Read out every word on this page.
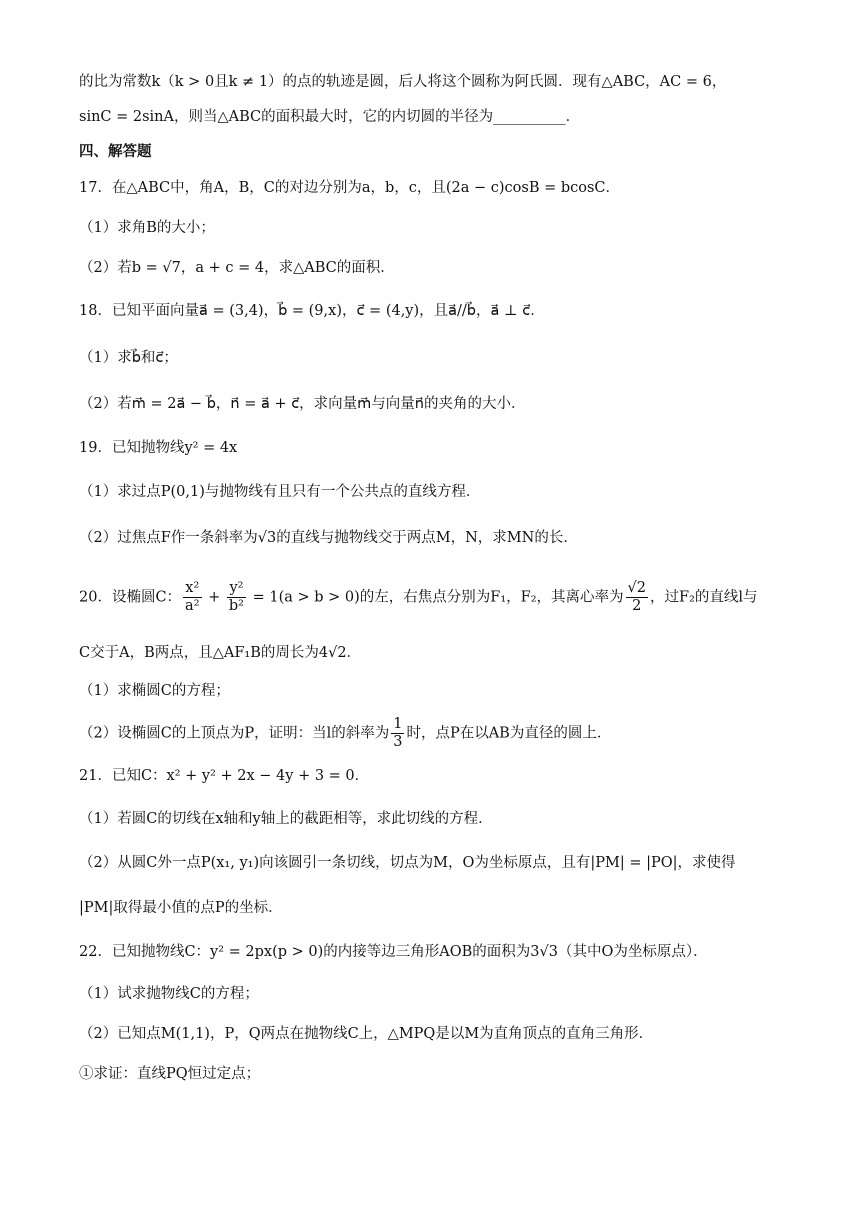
的比为常数k（k > 0且k ≠ 1）的点的轨迹是圆，后人将这个圆称为阿氏圆．现有△ABC，AC = 6，
sinC = 2sinA，则当△ABC的面积最大时，它的内切圆的半径为__________．
四、解答题
17．在△ABC中，角A，B，C的对边分别为a，b，c，且(2a − c)cosB = bcosC．
（1）求角B的大小；
（2）若b = √7，a + c = 4，求△ABC的面积．
18．已知平面向量a⃗ = (3,4)，b⃗ = (9,x)，c⃗ = (4,y)，且a⃗//b⃗，a⃗ ⊥ c⃗．
（1）求b⃗和c⃗；
（2）若m⃗ = 2a⃗ − b⃗，n⃗ = a⃗ + c⃗，求向量m⃗与向量n⃗的夹角的大小．
19．已知抛物线y² = 4x
（1）求过点P(0,1)与抛物线有且只有一个公共点的直线方程．
（2）过焦点F作一条斜率为√3的直线与抛物线交于两点M，N，求MN的长．
20．设椭圆C： $\frac{\text{x²}}{\text{a²}} + \frac{\text{y²}}{\text{b²}} = 1(a > b > 0)$的左，右焦点分别为F₁，F₂，其离心率为 $\frac{√2}{2}$ ，过F₂的直线l与
C交于A，B两点，且△AF₁B的周长为4√2．
（1）求椭圆C的方程；
（2）设椭圆C的上顶点为P，证明：当l的斜率为 $\frac{1}{3}$ 时，点P在以AB为直径的圆上．
21．已知C：x² + y² + 2x − 4y + 3 = 0．
（1）若圆C的切线在x轴和y轴上的截距相等，求此切线的方程．
（2）从圆C外一点P(x₁, y₁)向该圆引一条切线，切点为M，O为坐标原点，且有|PM| = |PO|，求使得
|PM|取得最小值的点P的坐标．
22．已知抛物线C：y² = 2px(p > 0)的内接等边三角形AOB的面积为3√3（其中O为坐标原点）．
（1）试求抛物线C的方程；
（2）已知点M(1,1)，P，Q两点在抛物线C上，△MPQ是以M为直角顶点的直角三角形．
①求证：直线PQ恒过定点；
